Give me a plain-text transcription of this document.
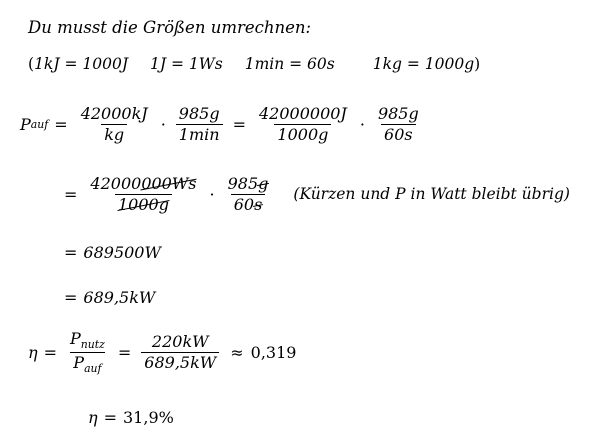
Du musst die Größen umrechnen:
(1kJ = 1000J 1J = 1Ws 1min = 60s 1kg = 1000g)
P auf = $\frac{42000kJ}{kg} \cdot \frac{985g}{1\min} = \frac{42000000J}{1000g} \cdot \frac{985g}{60s}$
= $\frac{42000000Ws}{1000g} \cdot \frac{985g}{60s}$ (Kürzen und P in Watt bleibt übrig)
= 689500W
= 689,5kW
$\eta = \frac{P_{nutz}}{P_{auf}} = \frac{220kW}{689,5kW} \approx 0,319$
η = 31,9%
